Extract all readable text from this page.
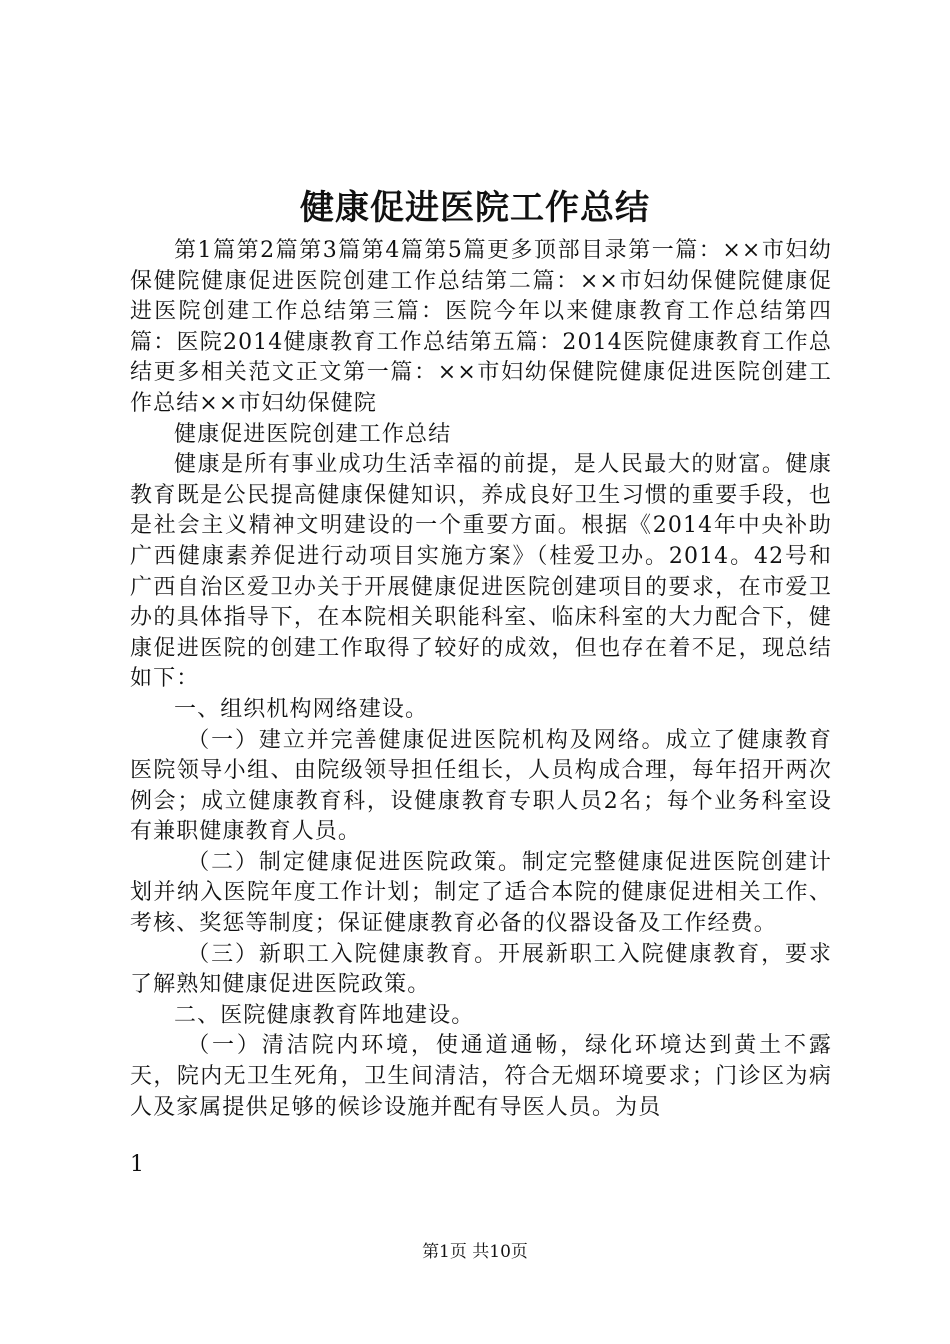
健康促进医院工作总结

第1篇第2篇第3篇第4篇第5篇更多顶部目录第一篇：××市妇幼保健院健康促进医院创建工作总结第二篇：××市妇幼保健院健康促进医院创建工作总结第三篇：医院今年以来健康教育工作总结第四篇：医院2014健康教育工作总结第五篇：2014医院健康教育工作总结更多相关范文正文第一篇：××市妇幼保健院健康促进医院创建工作总结××市妇幼保健院

健康促进医院创建工作总结

健康是所有事业成功生活幸福的前提，是人民最大的财富。健康教育既是公民提高健康保健知识，养成良好卫生习惯的重要手段，也是社会主义精神文明建设的一个重要方面。根据《2014年中央补助广西健康素养促进行动项目实施方案》（桂爱卫办。2014。42号和广西自治区爱卫办关于开展健康促进医院创建项目的要求，在市爱卫办的具体指导下，在本院相关职能科室、临床科室的大力配合下，健康促进医院的创建工作取得了较好的成效，但也存在着不足，现总结如下：

一、组织机构网络建设。

（一）建立并完善健康促进医院机构及网络。成立了健康教育医院领导小组、由院级领导担任组长，人员构成合理，每年招开两次例会；成立健康教育科，设健康教育专职人员2名；每个业务科室设有兼职健康教育人员。

（二）制定健康促进医院政策。制定完整健康促进医院创建计划并纳入医院年度工作计划；制定了适合本院的健康促进相关工作、考核、奖惩等制度；保证健康教育必备的仪器设备及工作经费。

（三）新职工入院健康教育。开展新职工入院健康教育，要求了解熟知健康促进医院政策。

二、医院健康教育阵地建设。

（一）清洁院内环境，使通道通畅，绿化环境达到黄土不露天，院内无卫生死角，卫生间清洁，符合无烟环境要求；门诊区为病人及家属提供足够的候诊设施并配有导医人员。为员

1
第1页 共10页
